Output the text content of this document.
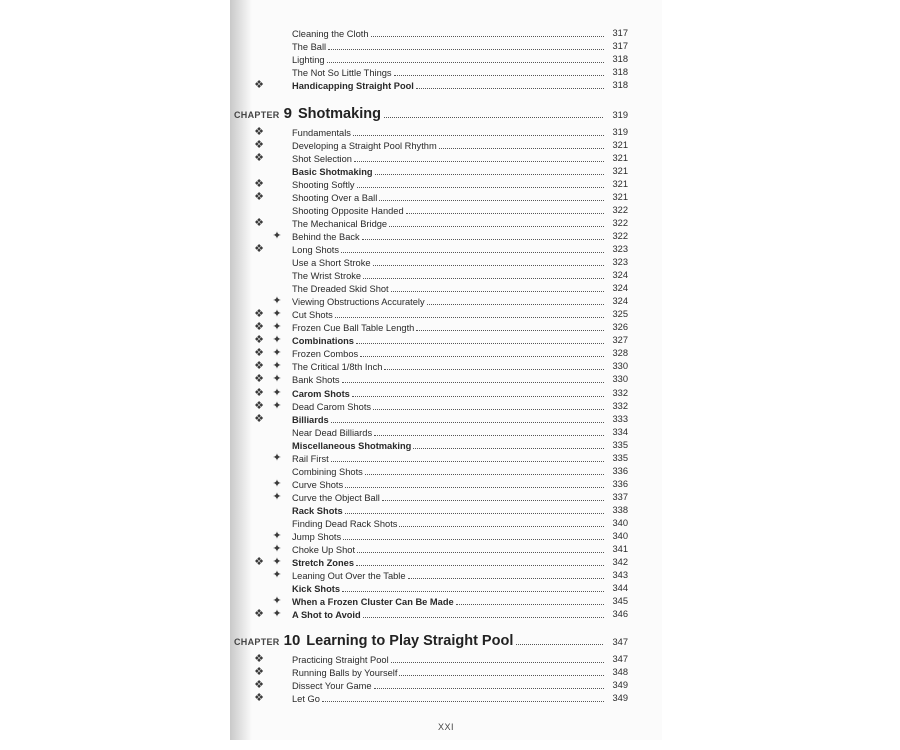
Cleaning the Cloth	317
The Ball	317
Lighting	318
The Not So Little Things	318
❖	Handicapping Straight Pool	318
CHAPTER 9 Shotmaking	319
❖	Fundamentals	319
❖	Developing a Straight Pool Rhythm	321
❖	Shot Selection	321
Basic Shotmaking	321
❖	Shooting Softly	321
❖	Shooting Over a Ball	321
Shooting Opposite Handed	322
❖	The Mechanical Bridge	322
✦ Behind the Back	322
❖	Long Shots	323
Use a Short Stroke	323
The Wrist Stroke	324
The Dreaded Skid Shot	324
✦ Viewing Obstructions Accurately	324
❖ ✦ Cut Shots	325
❖ ✦ Frozen Cue Ball Table Length	326
❖ ✦ Combinations	327
❖ ✦ Frozen Combos	328
❖ ✦ The Critical 1/8th Inch	330
❖ ✦ Bank Shots	330
❖ ✦ Carom Shots	332
❖ ✦ Dead Carom Shots	332
❖	Billiards	333
Near Dead Billiards	334
Miscellaneous Shotmaking	335
✦ Rail First	335
Combining Shots	336
✦ Curve Shots	336
✦ Curve the Object Ball	337
Rack Shots	338
Finding Dead Rack Shots	340
✦ Jump Shots	340
✦ Choke Up Shot	341
❖ ✦ Stretch Zones	342
✦ Leaning Out Over the Table	343
Kick Shots	344
✦ When a Frozen Cluster Can Be Made	345
❖ ✦ A Shot to Avoid	346
CHAPTER 10 Learning to Play Straight Pool	347
❖	Practicing Straight Pool	347
❖	Running Balls by Yourself	348
❖	Dissect Your Game	349
❖	Let Go	349
XXI
